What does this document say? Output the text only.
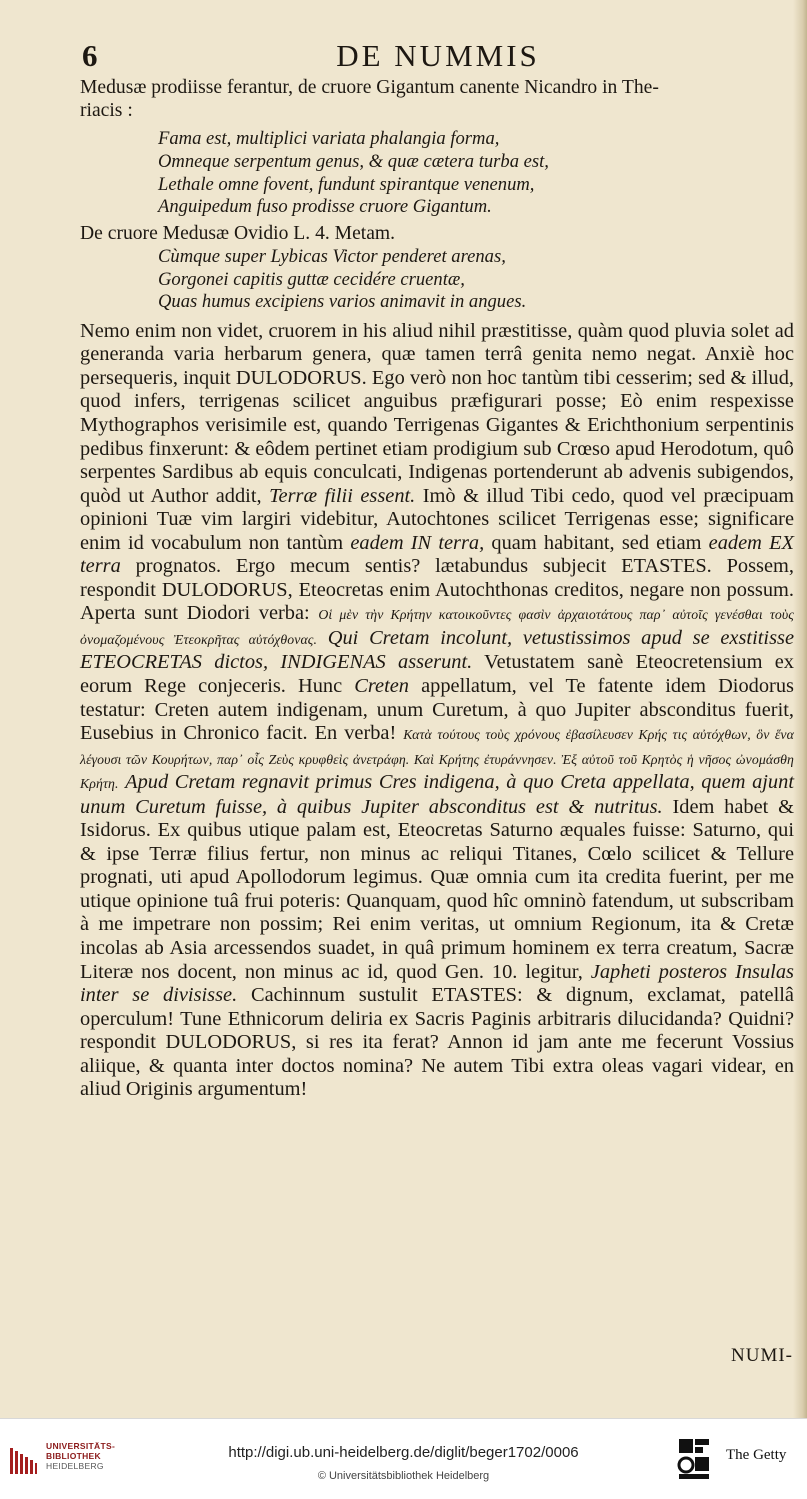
6	DE NUMMIS

Medusæ prodiisse ferantur, de cruore Gigantum canente Nicandro in The-

riacis :

Fama est, multiplici variata phalangia forma,
Omneque serpentum genus, & quæ cætera turba est,
Lethale omne fovent, fundunt spirantque venenum,
Anguipedum fuso prodisse cruore Gigantum.

De cruore Medusæ Ovidio L. 4. Metam.

Cùmque super Lybicas Victor penderet arenas,
Gorgonei capitis guttæ cecidére cruentæ,
Quas humus excipiens varios animavit in angues.

Nemo enim non videt, cruorem in his aliud nihil præstitisse, quàm quod pluvia solet ad generanda varia herbarum genera, quæ tamen terrâ genita nemo negat. Anxiè hoc persequeris, inquit DULODORUS. Ego verò non hoc tantùm tibi cesserim; sed & illud, quod infers, terrigenas scilicet anguibus præfigurari posse; Eò enim respexisse Mythographos verisimile est, quando Terrigenas Gigantes & Erichthonium serpentinis pedibus finxerunt: & eôdem pertinet etiam prodigium sub Crœso apud Herodotum, quô serpentes Sardibus ab equis conculcati, Indigenas portenderunt ab advenis subigendos, quòd ut Author addit, Terræ filii essent. Imò & illud Tibi cedo, quod vel præcipuam opinioni Tuæ vim largiri videbitur, Autochtones scilicet Terrigenas esse; significare enim id vocabulum non tantùm eadem IN terra, quam habitant, sed etiam eadem EX terra prognatos. Ergo mecum sentis? lætabundus subjecit ETASTES. Possem, respondit DULODORUS, Eteocretas enim Autochthonas creditos, negare non possum. Aperta sunt Diodori verba: Οἱ μὲν τὴν Κρήτην κατοικοῦντες φασὶν ἀρχαιοτάτους παρ᾽ αὐτοῖς γενέσθαι τοὺς ὀνομαζομένους Ἐτεοκρῆτας αὐτόχθονας. Qui Cretam incolunt, vetustissimos apud se exstitisse ETEOCRETAS dictos, INDIGENAS asserunt. Vetustatem sanè Eteocretensium ex eorum Rege conjeceris. Hunc Creten appellatum, vel Te fatente idem Diodorus testatur: Creten autem indigenam, unum Curetum, à quo Jupiter absconditus fuerit, Eusebius in Chronico facit. En verba! Κατὰ τούτους τοὺς χρόνους ἐβασίλευσεν Κρής τις αὐτόχθων, ὃν ἕνα λέγουσι τῶν Κουρήτων, παρ᾽ οἷς Ζεὺς κρυφθεὶς ἀνετράφη. Καὶ Κρήτης ἐτυράννησεν. Ἐξ αὐτοῦ τοῦ Κρητὸς ἡ νῆσος ὠνομάσθη Κρήτη. Apud Cretam regnavit primus Cres indigena, à quo Creta appellata, quem ajunt unum Curetum fuisse, à quibus Jupiter absconditus est & nutritus. Idem habet & Isidorus. Ex quibus utique palam est, Eteocretas Saturno æquales fuisse: Saturno, qui & ipse Terræ filius fertur, non minus ac reliqui Titanes, Cœlo scilicet & Tellure prognati, uti apud Apollodorum legimus. Quæ omnia cum ita credita fuerint, per me utique opinione tuâ frui poteris: Quanquam, quod hîc omninò fatendum, ut subscribam à me impetrare non possim; Rei enim veritas, ut omnium Regionum, ita & Cretæ incolas ab Asia arcessendos suadet, in quâ primum hominem ex terra creatum, Sacræ Literæ nos docent, non minus ac id, quod Gen. 10. legitur, Japheti posteros Insulas inter se divisisse. Cachinnum sustulit ETASTES: & dignum, exclamat, patellâ operculum! Tune Ethnicorum deliria ex Sacris Paginis arbitraris dilucidanda? Quidni? respondit DULODORUS, si res ita ferat? Annon id jam ante me fecerunt Vossius aliique, & quanta inter doctos nomina? Ne autem Tibi extra oleas vagari videar, en aliud Originis argumentum!

NUMI-
UNIVERSITÄTS-
BIBLIOTHEK
HEIDELBERG
http://digi.ub.uni-heidelberg.de/diglit/beger1702/0006
© Universitätsbibliothek Heidelberg
The Getty
